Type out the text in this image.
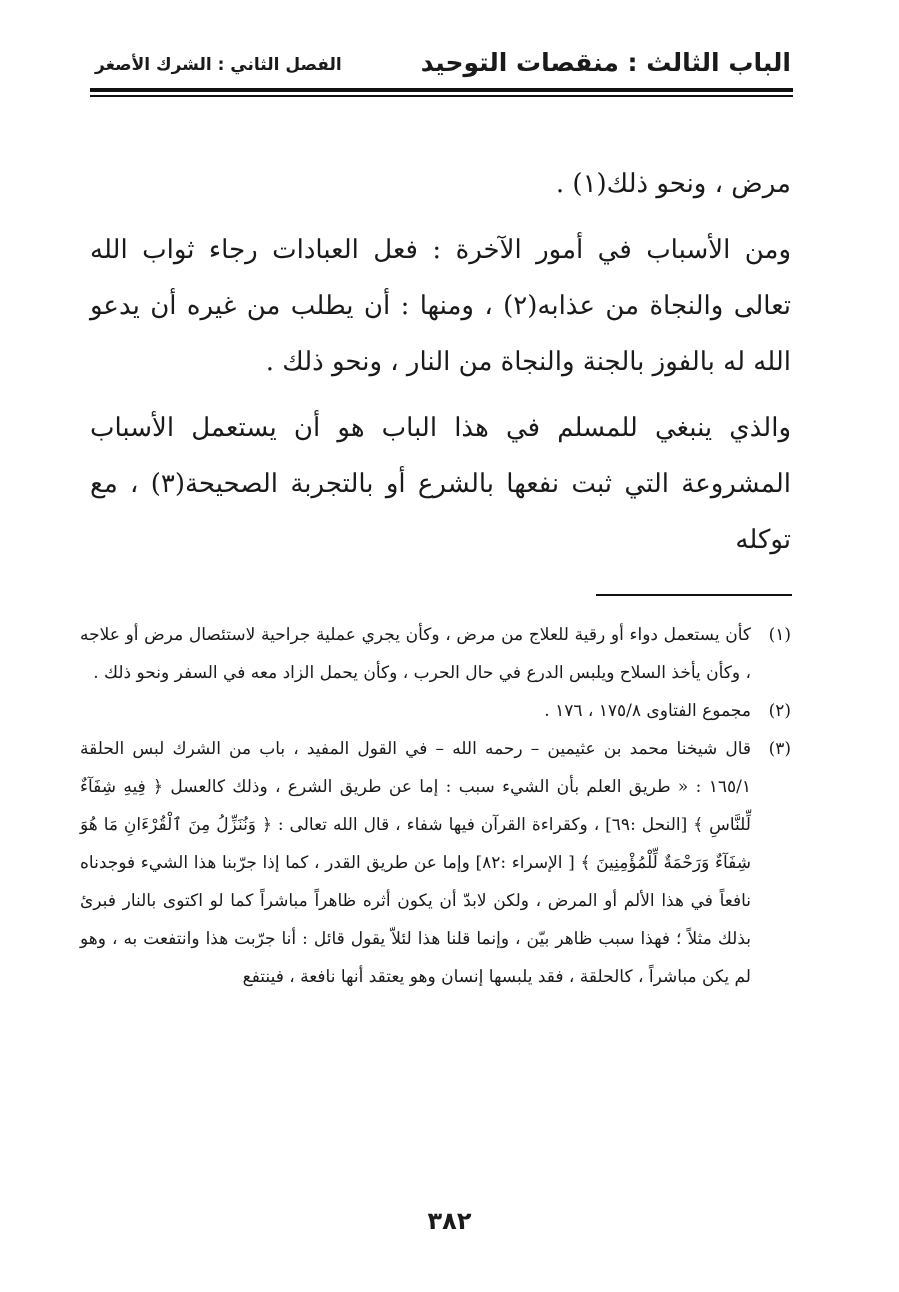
الباب الثالث : منقصات التوحيد
الفصل الثاني : الشرك الأصغر

مرض ، ونحو ذلك(١) .

ومن الأسباب في أمور الآخرة : فعل العبادات رجاء ثواب الله تعالى والنجاة من عذابه(٢) ، ومنها : أن يطلب من غيره أن يدعو الله له بالفوز بالجنة والنجاة من النار ، ونحو ذلك .

والذي ينبغي للمسلم في هذا الباب هو أن يستعمل الأسباب المشروعة التي ثبت نفعها بالشرع أو بالتجربة الصحيحة(٣) ، مع توكله

(١)
كأن يستعمل دواء أو رقية للعلاج من مرض ، وكأن يجري عملية جراحية لاستئصال مرض أو علاجه ، وكأن يأخذ السلاح ويلبس الدرع في حال الحرب ، وكأن يحمل الزاد معه في السفر ونحو ذلك .
(٢)
مجموع الفتاوى ١٧٥/٨ ، ١٧٦ .
(٣)
قال شيخنا محمد بن عثيمين – رحمه الله – في القول المفيد ، باب من الشرك لبس الحلقة ١٦٥/١ : « طريق العلم بأن الشيء سبب : إما عن طريق الشرع ، وذلك كالعسل ﴿ فِيهِ شِفَآءٌ لِّلنَّاسِ ﴾ [النحل :٦٩] ، وكقراءة القرآن فيها شفاء ، قال الله تعالى : ﴿ وَنُنَزِّلُ مِنَ ٱلْقُرْءَانِ مَا هُوَ شِفَآءٌ وَرَحْمَةٌ لِّلْمُؤْمِنِينَ ﴾ [ الإسراء :٨٢] وإما عن طريق القدر ، كما إذا جرّبنا هذا الشيء فوجدناه نافعاً في هذا الألم أو المرض ، ولكن لابدّ أن يكون أثره ظاهراً مباشراً كما لو اكتوى بالنار فبرئ بذلك مثلاً ؛ فهذا سبب ظاهر بيّن ، وإنما قلنا هذا لئلاّ يقول قائل : أنا جرّبت هذا وانتفعت به ، وهو لم يكن مباشراً ، كالحلقة ، فقد يلبسها إنسان وهو يعتقد أنها نافعة ، فينتفع
٣٨٢
